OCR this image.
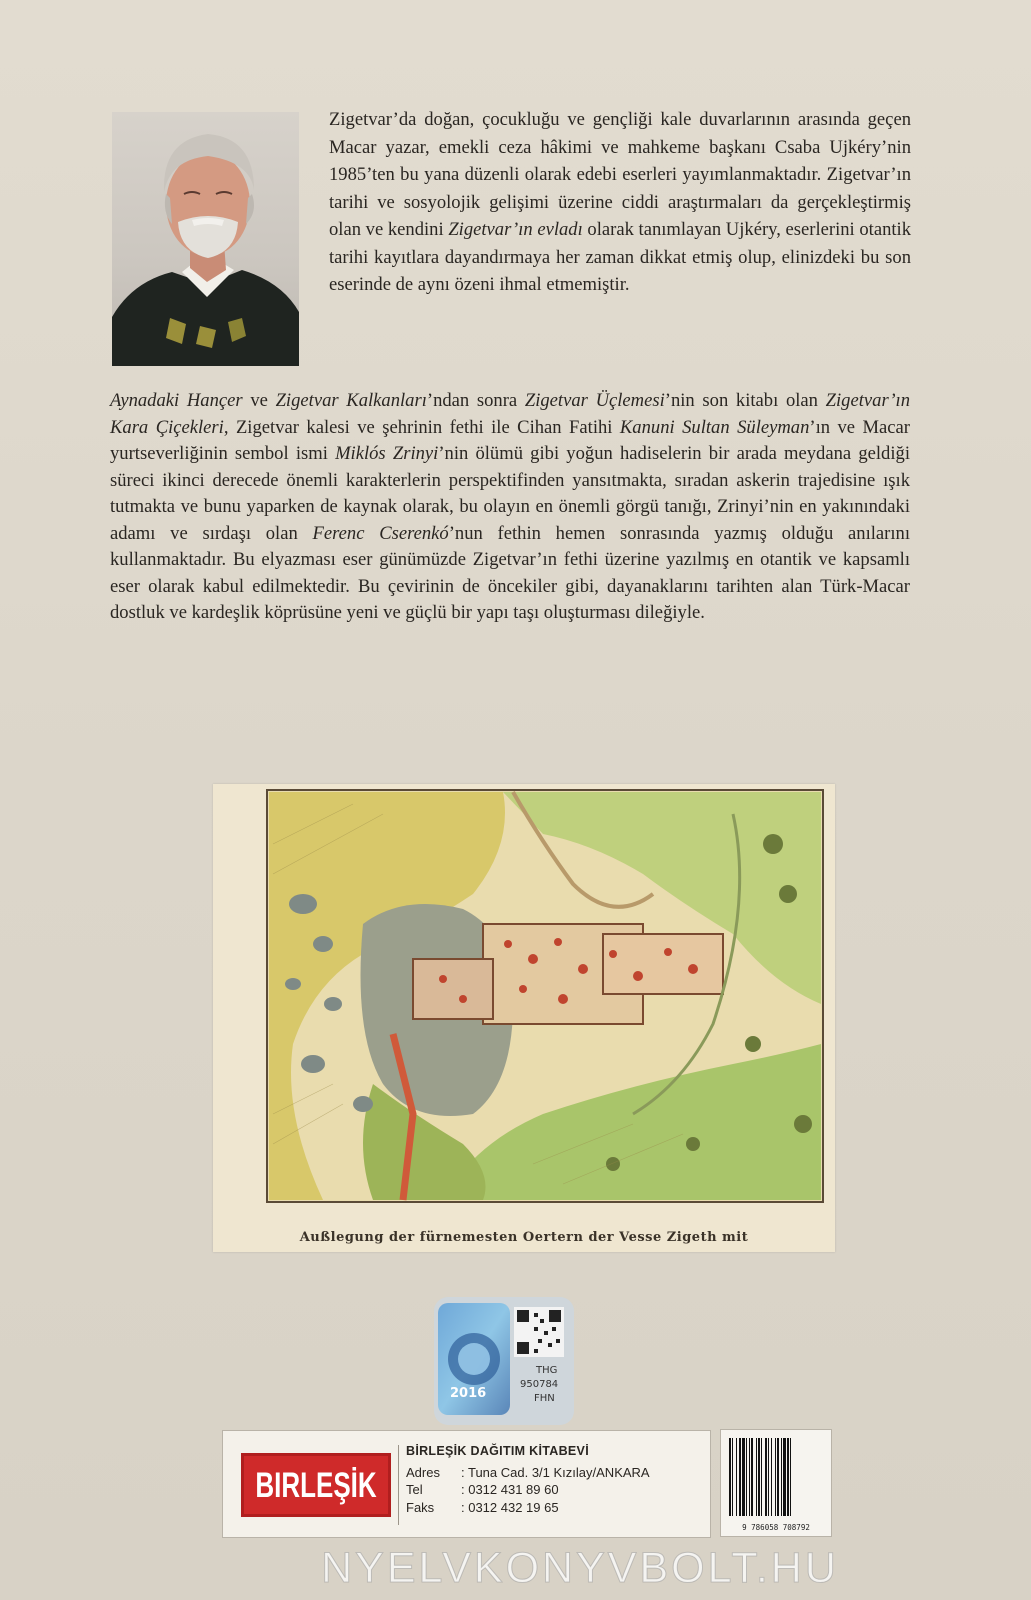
Zigetvar’da doğan, çocukluğu ve gençliği kale duvarlarının arasında geçen Macar yazar, emekli ceza hâkimi ve mahkeme başkanı Csaba Ujkéry’nin 1985’ten bu yana düzenli olarak edebi eserleri yayımlanmaktadır. Zigetvar’ın tarihi ve sosyolojik gelişimi üzerine ciddi araştırmaları da gerçekleştirmiş olan ve kendini Zigetvar’ın evladı olarak tanımlayan Ujkéry, eserlerini otantik tarihi kayıtlara dayandırmaya her zaman dikkat etmiş olup, elinizdeki bu son eserinde de aynı özeni ihmal etmemiştir.

Aynadaki Hançer ve Zigetvar Kalkanları’ndan sonra Zigetvar Üçlemesi’nin son kitabı olan Zigetvar’ın Kara Çiçekleri, Zigetvar kalesi ve şehrinin fethi ile Cihan Fatihi Kanuni Sultan Süleyman’ın ve Macar yurtseverliğinin sembol ismi Miklós Zrinyi’nin ölümü gibi yoğun hadiselerin bir arada meydana geldiği süreci ikinci derecede önemli karakterlerin perspektifinden yansıtmakta, sıradan askerin trajedisine ışık tutmakta ve bunu yaparken de kaynak olarak, bu olayın en önemli görgü tanığı, Zrinyi’nin en yakınındaki adamı ve sırdaşı olan Ferenc Cserenkó’nun fethin hemen sonrasında yazmış olduğu anılarını kullanmaktadır. Bu elyazması eser günümüzde Zigetvar’ın fethi üzerine yazılmış en otantik ve kapsamlı eser olarak kabul edilmektedir. Bu çevirinin de öncekiler gibi, dayanaklarını tarihten alan Türk-Macar dostluk ve kardeşlik köprüsüne yeni ve güçlü bir yapı taşı oluşturması dileğiyle.

Außlegung der fürnemesten Oertern der Vesse Zigeth mit
2016
THG
950784
FHN
BIRLEŞİK
BİRLEŞİK DAĞITIM KİTABEVİ
Adres	: Tuna Cad. 3/1 Kızılay/ANKARA
Tel	: 0312 431 89 60
Faks	: 0312 432 19 65
9 786058 708792
NYELVKONYVBOLT.HU
